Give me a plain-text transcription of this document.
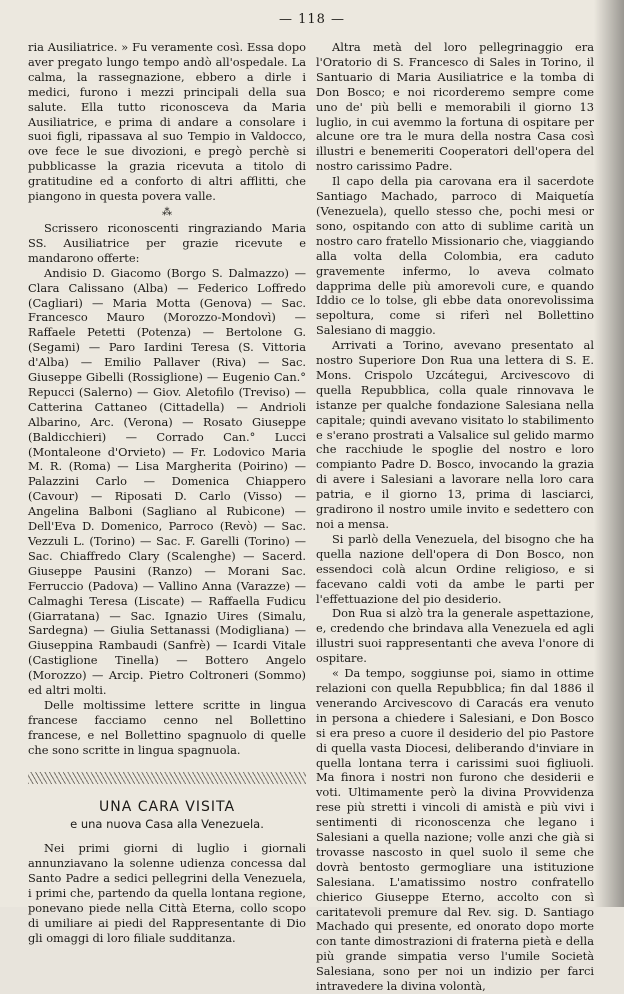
— 118 —

ria Ausiliatrice. » Fu veramente così. Essa dopo aver pregato lungo tempo andò all'ospedale. La calma, la rassegnazione, ebbero a dirle i medici, furono i mezzi principali della sua salute. Ella tutto riconosceva da Maria Ausiliatrice, e prima di andare a consolare i suoi figli, ripassava al suo Tempio in Valdocco, ove fece le sue divozioni, e pregò perchè si pubblicasse la grazia ricevuta a titolo di gratitudine ed a conforto di altri afflitti, che piangono in questa povera valle.

⁂

Scrissero riconoscenti ringraziando Maria SS. Ausiliatrice per grazie ricevute e mandarono offerte:

Andisio D. Giacomo (Borgo S. Dalmazzo) — Clara Calissano (Alba) — Federico Loffredo (Cagliari) — Maria Motta (Genova) — Sac. Francesco Mauro (Morozzo-Mondovì) — Raffaele Petetti (Potenza) — Bertolone G. (Segami) — Paro Iardini Teresa (S. Vittoria d'Alba) — Emilio Pallaver (Riva) — Sac. Giuseppe Gibelli (Rossiglione) — Eugenio Can.° Repucci (Salerno) — Giov. Aletofilo (Treviso) — Catterina Cattaneo (Cittadella) — Andrioli Albarino, Arc. (Verona) — Rosato Giuseppe (Baldicchieri) — Corrado Can.° Lucci (Montaleone d'Orvieto) — Fr. Lodovico Maria M. R. (Roma) — Lisa Margherita (Poirino) — Palazzini Carlo — Domenica Chiappero (Cavour) — Riposati D. Carlo (Visso) — Angelina Balboni (Sagliano al Rubicone) — Dell'Eva D. Domenico, Parroco (Revò) — Sac. Vezzuli L. (Torino) — Sac. F. Garelli (Torino) — Sac. Chiaffredo Clary (Scalenghe) — Sacerd. Giuseppe Pausini (Ranzo) — Morani Sac. Ferruccio (Padova) — Vallino Anna (Varazze) — Calmaghi Teresa (Liscate) — Raffaella Fudicu (Giarratana) — Sac. Ignazio Uires (Simalu, Sardegna) — Giulia Settanassi (Modigliana) — Giuseppina Rambaudi (Sanfrè) — Icardi Vitale (Castiglione Tinella) — Bottero Angelo (Morozzo) — Arcip. Pietro Coltroneri (Sommo) ed altri molti.

Delle moltissime lettere scritte in lingua francese facciamo cenno nel Bollettino francese, e nel Bollettino spagnuolo di quelle che sono scritte in lingua spagnuola.

UNA CARA VISITA
e una nuova Casa alla Venezuela.

Nei primi giorni di luglio i giornali annunziavano la solenne udienza concessa dal Santo Padre a sedici pellegrini della Venezuela, i primi che, partendo da quella lontana regione, ponevano piede nella Città Eterna, collo scopo di umiliare ai piedi del Rappresentante di Dio gli omaggi di loro filiale sudditanza.

Altra metà del loro pellegrinaggio era l'Oratorio di S. Francesco di Sales in Torino, il Santuario di Maria Ausiliatrice e la tomba di Don Bosco; e noi ricorderemo sempre come uno de' più belli e memorabili il giorno 13 luglio, in cui avemmo la fortuna di ospitare per alcune ore tra le mura della nostra Casa così illustri e benemeriti Cooperatori dell'opera del nostro carissimo Padre.

Il capo della pia carovana era il sacerdote Santiago Machado, parroco di Maiquetía (Venezuela), quello stesso che, pochi mesi or sono, ospitando con atto di sublime carità un nostro caro fratello Missionario che, viaggiando alla volta della Colombia, era caduto gravemente infermo, lo aveva colmato dapprima delle più amorevoli cure, e quando Iddio ce lo tolse, gli ebbe data onorevolissima sepoltura, come si riferì nel Bollettino Salesiano di maggio.

Arrivati a Torino, avevano presentato al nostro Superiore Don Rua una lettera di S. E. Mons. Crispolo Uzcátegui, Arcivescovo di quella Repubblica, colla quale rinnovava le istanze per qualche fondazione Salesiana nella capitale; quindi avevano visitato lo stabilimento e s'erano prostrati a Valsalice sul gelido marmo che racchiude le spoglie del nostro e loro compianto Padre D. Bosco, invocando la grazia di avere i Salesiani a lavorare nella loro cara patria, e il giorno 13, prima di lasciarci, gradirono il nostro umile invito e sedettero con noi a mensa.

Si parlò della Venezuela, del bisogno che ha quella nazione dell'opera di Don Bosco, non essendoci colà alcun Ordine religioso, e si facevano caldi voti da ambe le parti per l'effettuazione del pio desiderio.

Don Rua si alzò tra la generale aspettazione, e, credendo che brindava alla Venezuela ed agli illustri suoi rappresentanti che aveva l'onore di ospitare.

« Da tempo, soggiunse poi, siamo in ottime relazioni con quella Repubblica; fin dal 1886 il venerando Arcivescovo di Caracás era venuto in persona a chiedere i Salesiani, e Don Bosco si era preso a cuore il desiderio del pio Pastore di quella vasta Diocesi, deliberando d'inviare in quella lontana terra i carissimi suoi figliuoli. Ma finora i nostri non furono che desiderii e voti. Ultimamente però la divina Provvidenza rese più stretti i vincoli di amistà e più vivi i sentimenti di riconoscenza che legano i Salesiani a quella nazione; volle anzi che già si trovasse nascosto in quel suolo il seme che dovrà bentosto germogliare una istituzione Salesiana. L'amatissimo nostro confratello chierico Giuseppe Eterno, accolto con sì caritatevoli premure dal Rev. sig. D. Santiago Machado qui presente, ed onorato dopo morte con tante dimostrazioni di fraterna pietà e della più grande simpatia verso l'umile Società Salesiana, sono per noi un indizio per farci intravedere la divina volontà,
